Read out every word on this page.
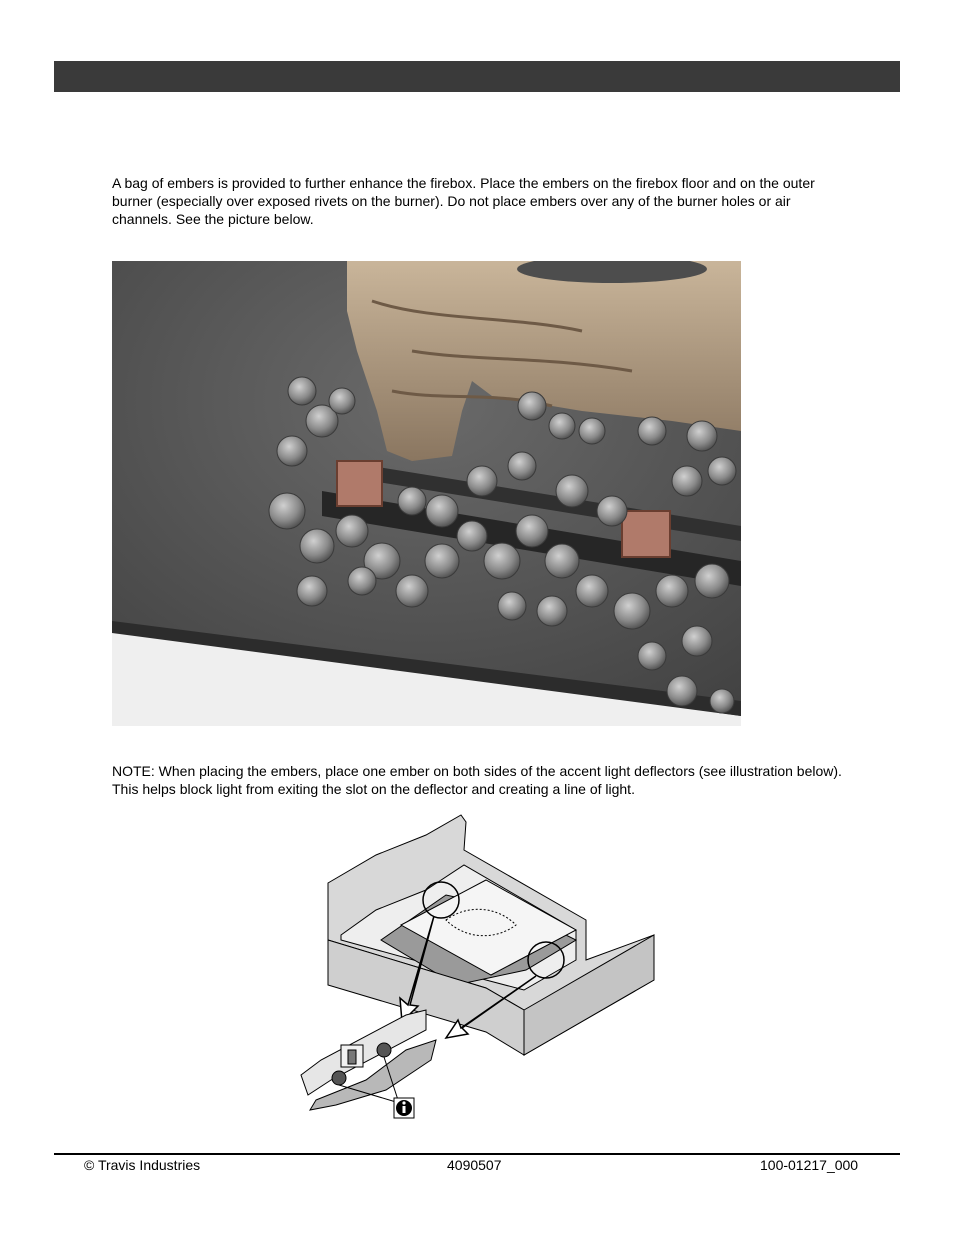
A bag of embers is provided to further enhance the firebox. Place the embers on the firebox floor and on the outer burner (especially over exposed rivets on the burner). Do not place embers over any of the burner holes or air channels. See the picture below.

NOTE: When placing the embers, place one ember on both sides of the accent light deflectors (see illustration below). This helps block light from exiting the slot on the deflector and creating a line of light.

© Travis Industries	4090507	100-01217_000
